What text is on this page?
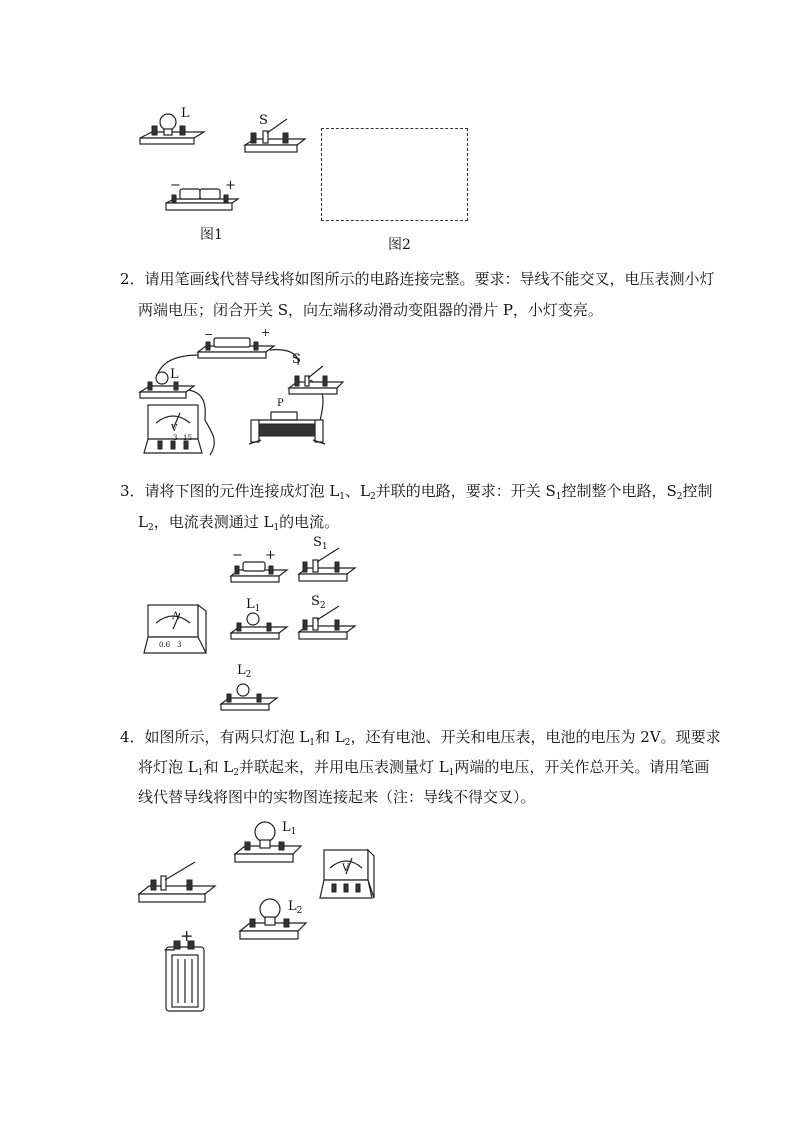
L	S
−	+
图1
图2
2．请用笔画线代替导线将如图所示的电路连接完整。要求：导线不能交叉，电压表测小灯
两端电压；闭合开关 S，向左端移动滑动变阻器的滑片 P，小灯变亮。
−	+
L
S
V
3 15
P
3．请将下图的元件连接成灯泡 $L_1$、$L_2$并联的电路，要求：开关 $S_1$控制整个电路，$S_2$控制
$L_2$，电流表测通过 $L_1$的电流。
− +
$S_1$
A
0.6 3
$L_1$	$S_2$
$L_2$
4．如图所示，有两只灯泡 $L_1$和 $L_2$，还有电池、开关和电压表，电池的电压为 2V。现要求
将灯泡 $L_1$和 $L_2$并联起来，并用电压表测量灯 $L_1$两端的电压，开关作总开关。请用笔画
线代替导线将图中的实物图连接起来（注：导线不得交叉）。
$L_1$
V
$L_2$
−
+
